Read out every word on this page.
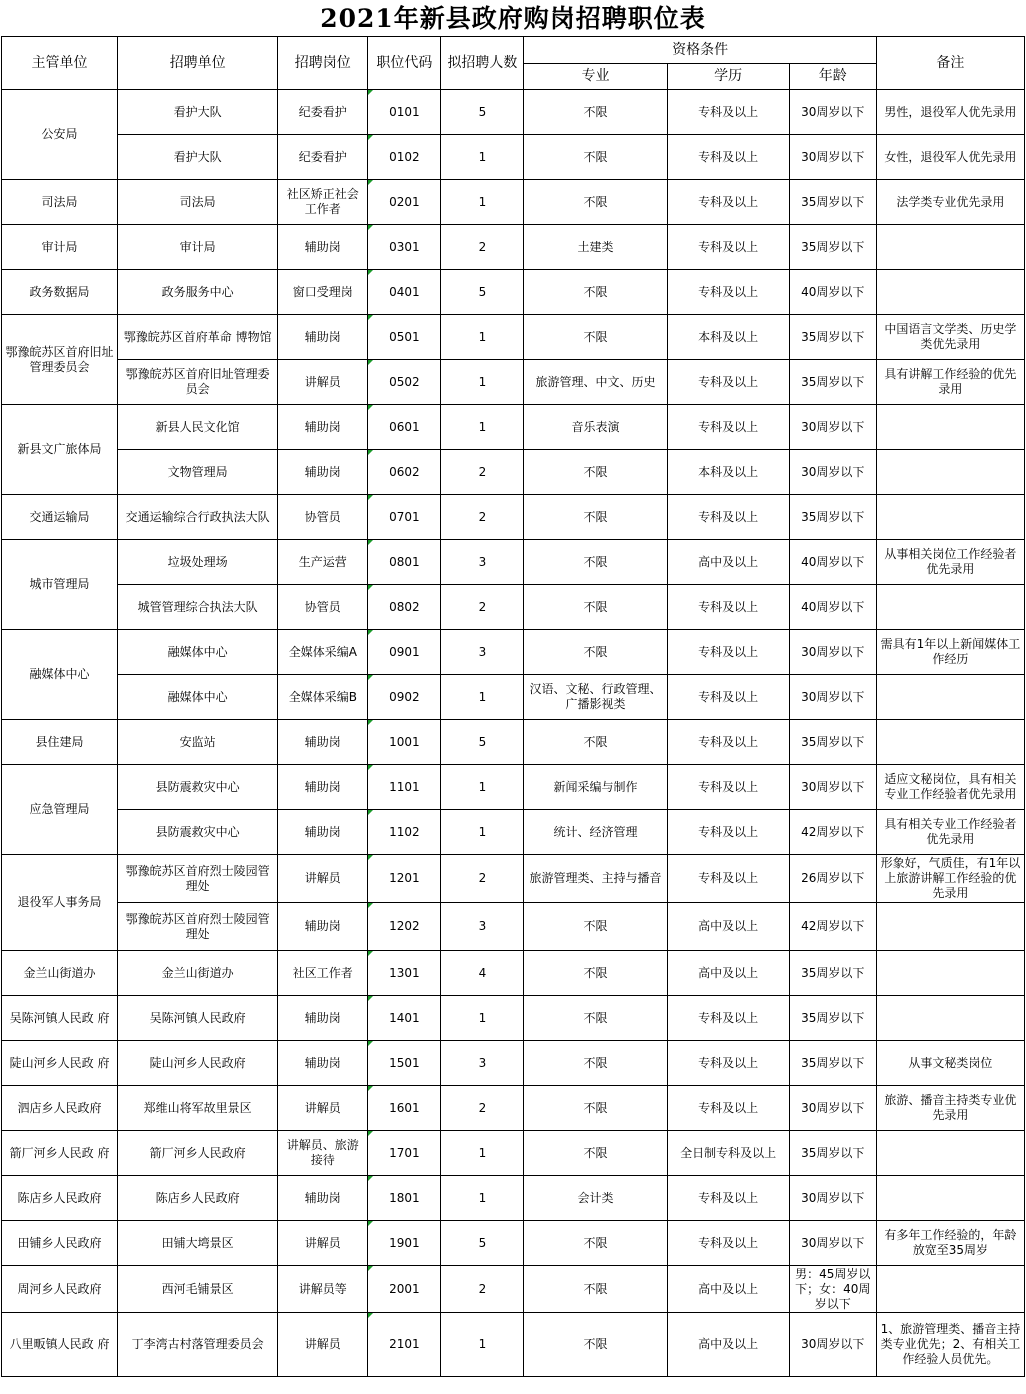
2021年新县政府购岗招聘职位表
主管单位	招聘单位	招聘岗位	职位代码	拟招聘人数	资格条件			备注
					专业	学历	年龄	
公安局	看护大队	纪委看护	0101	5	不限	专科及以上	30周岁以下	男性，退役军人优先录用
	看护大队	纪委看护	0102	1	不限	专科及以上	30周岁以下	女性，退役军人优先录用
司法局	司法局	社区矫正社会工作者	0201	1	不限	专科及以上	35周岁以下	法学类专业优先录用
审计局	审计局	辅助岗	0301	2	土建类	专科及以上	35周岁以下	
政务数据局	政务服务中心	窗口受理岗	0401	5	不限	专科及以上	40周岁以下	
鄂豫皖苏区首府旧址管理委员会	鄂豫皖苏区首府革命 博物馆	辅助岗	0501	1	不限	本科及以上	35周岁以下	中国语言文学类、历史学类优先录用
	鄂豫皖苏区首府旧址管理委员会	讲解员	0502	1	旅游管理、中文、历史	专科及以上	35周岁以下	具有讲解工作经验的优先录用
新县文广旅体局	新县人民文化馆	辅助岗	0601	1	音乐表演	专科及以上	30周岁以下	
	文物管理局	辅助岗	0602	2	不限	本科及以上	30周岁以下	
交通运输局	交通运输综合行政执法大队	协管员	0701	2	不限	专科及以上	35周岁以下	
城市管理局	垃圾处理场	生产运营	0801	3	不限	高中及以上	40周岁以下	从事相关岗位工作经验者优先录用
	城管管理综合执法大队	协管员	0802	2	不限	专科及以上	40周岁以下	
融媒体中心	融媒体中心	全媒体采编A	0901	3	不限	专科及以上	30周岁以下	需具有1年以上新闻媒体工作经历
	融媒体中心	全媒体采编B	0902	1	汉语、文秘、行政管理、广播影视类	专科及以上	30周岁以下	
县住建局	安监站	辅助岗	1001	5	不限	专科及以上	35周岁以下	
应急管理局	县防震救灾中心	辅助岗	1101	1	新闻采编与制作	专科及以上	30周岁以下	适应文秘岗位，具有相关专业工作经验者优先录用
	县防震救灾中心	辅助岗	1102	1	统计、经济管理	专科及以上	42周岁以下	具有相关专业工作经验者优先录用
退役军人事务局	鄂豫皖苏区首府烈士陵园管理处	讲解员	1201	2	旅游管理类、主持与播音	专科及以上	26周岁以下	形象好，气质佳，有1年以上旅游讲解工作经验的优先录用
	鄂豫皖苏区首府烈士陵园管理处	辅助岗	1202	3	不限	高中及以上	42周岁以下	
金兰山街道办	金兰山街道办	社区工作者	1301	4	不限	高中及以上	35周岁以下	
吴陈河镇人民政 府	吴陈河镇人民政府	辅助岗	1401	1	不限	专科及以上	35周岁以下	
陡山河乡人民政 府	陡山河乡人民政府	辅助岗	1501	3	不限	专科及以上	35周岁以下	从事文秘类岗位
泗店乡人民政府	郑维山将军故里景区	讲解员	1601	2	不限	专科及以上	30周岁以下	旅游、播音主持类专业优先录用
箭厂河乡人民政 府	箭厂河乡人民政府	讲解员、旅游接待	1701	1	不限	全日制专科及以上	35周岁以下	
陈店乡人民政府	陈店乡人民政府	辅助岗	1801	1	会计类	专科及以上	30周岁以下	
田铺乡人民政府	田铺大塆景区	讲解员	1901	5	不限	专科及以上	30周岁以下	有多年工作经验的，年龄放宽至35周岁
周河乡人民政府	西河毛铺景区	讲解员等	2001	2	不限	高中及以上	男：45周岁以下；女：40周岁以下	
八里畈镇人民政 府	丁李湾古村落管理委员会	讲解员	2101	1	不限	高中及以上	30周岁以下	1、旅游管理类、播音主持类专业优先；2、有相关工作经验人员优先。
